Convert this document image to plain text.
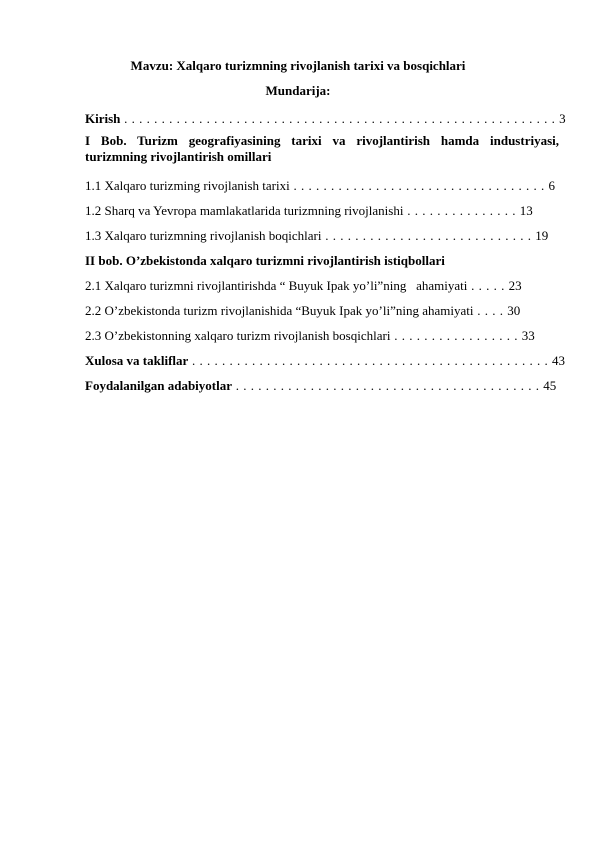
Mavzu: Xalqaro turizmning rivojlanish tarixi va bosqichlari
Mundarija:
Kirish . . . . . . . . . . . . . . . . . . . . . . . . . . . . . . . . . . . . . . . . . . . . . . . . . . . . . . . . . . 3
I Bob. Turizm geografiyasining tarixi va rivojlantirish hamda industriyasi, turizmning rivojlantirish omillari
1.1 Xalqaro turizming rivojlanish tarixi . . . . . . . . . . . . . . . . . . . . . . . . . . . . . . . . . . 6
1.2 Sharq va Yevropa mamlakatlarida turizmning rivojlanishi . . . . . . . . . . . . . . . 13
1.3 Xalqaro turizmning rivojlanish boqichlari . . . . . . . . . . . . . . . . . . . . . . . . . . . . 19
II bob. O’zbekistonda xalqaro turizmni rivojlantirish istiqbollari
2.1 Xalqaro turizmni rivojlantirishda “ Buyuk Ipak yo’li”ning   ahamiyati . . . . . 23
2.2 O’zbekistonda turizm rivojlanishida “Buyuk Ipak yo’li”ning ahamiyati . . . . 30
2.3 O’zbekistonning xalqaro turizm rivojlanish bosqichlari . . . . . . . . . . . . . . . . . 33
Xulosa va takliflar . . . . . . . . . . . . . . . . . . . . . . . . . . . . . . . . . . . . . . . . . . . . . . . . 43
Foydalanilgan adabiyotlar . . . . . . . . . . . . . . . . . . . . . . . . . . . . . . . . . . . . . . . . . 45
